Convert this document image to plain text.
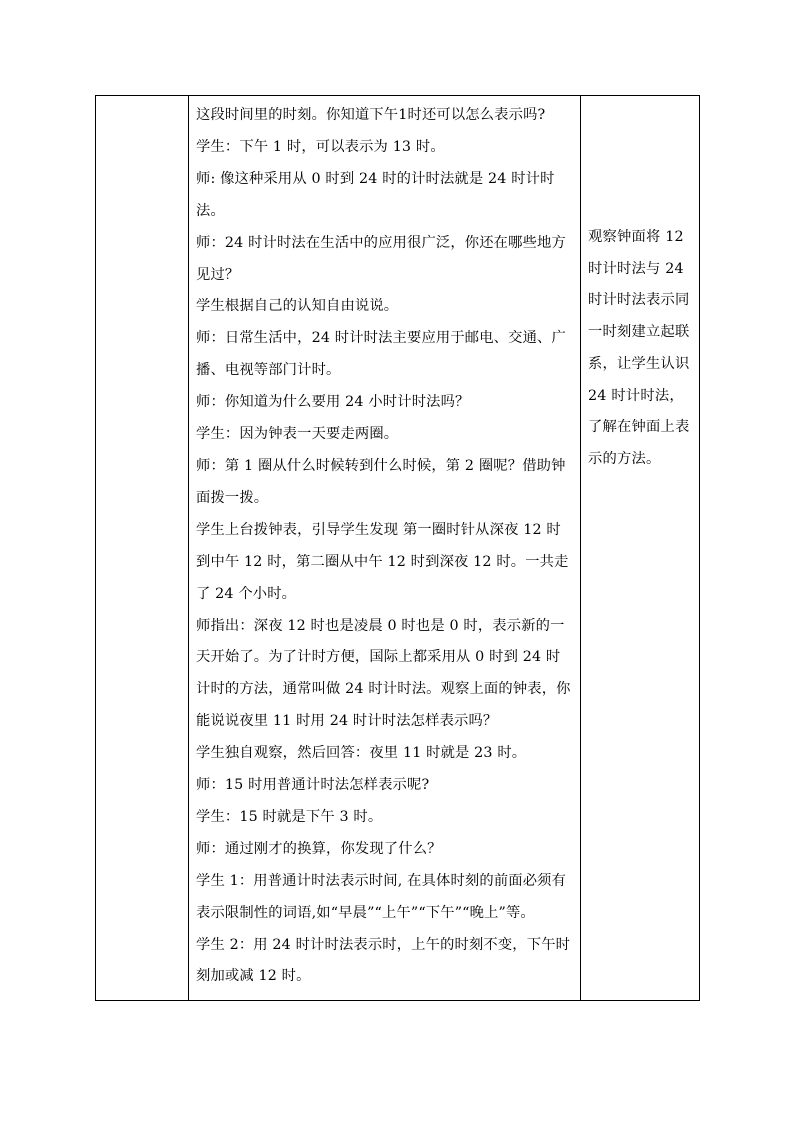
这段时间里的时刻。你知道下午1时还可以怎么表示吗?

学生：下午 1 时，可以表示为 13 时。

师: 像这种采用从 0 时到 24 时的计时法就是 24 时计时法。

师：24 时计时法在生活中的应用很广泛，你还在哪些地方见过？

学生根据自己的认知自由说说。

师：日常生活中，24 时计时法主要应用于邮电、交通、广播、电视等部门计时。

师：你知道为什么要用 24 小时计时法吗？

学生：因为钟表一天要走两圈。

师：第 1 圈从什么时候转到什么时候，第 2 圈呢？借助钟面拨一拨。

学生上台拨钟表，引导学生发现 第一圈时针从深夜 12 时到中午 12 时，第二圈从中午 12 时到深夜 12 时。一共走了 24 个小时。

师指出：深夜 12 时也是凌晨 0 时也是 0 时，表示新的一天开始了。为了计时方便，国际上都采用从 0 时到 24 时计时的方法，通常叫做 24 时计时法。观察上面的钟表，你能说说夜里 11 时用 24 时计时法怎样表示吗？

学生独自观察，然后回答：夜里 11 时就是 23 时。

师：15 时用普通计时法怎样表示呢?

学生：15 时就是下午 3 时。

师：通过刚才的换算，你发现了什么？

学生 1：用普通计时法表示时间, 在具体时刻的前面必须有表示限制性的词语,如“早晨”“上午”“下午”“晚上”等。

学生 2：用 24 时计时法表示时，上午的时刻不变，下午时刻加或减 12 时。

观察钟面将 12 时计时法与 24 时计时法表示同一时刻建立起联系，让学生认识 24 时计时法，了解在钟面上表示的方法。
